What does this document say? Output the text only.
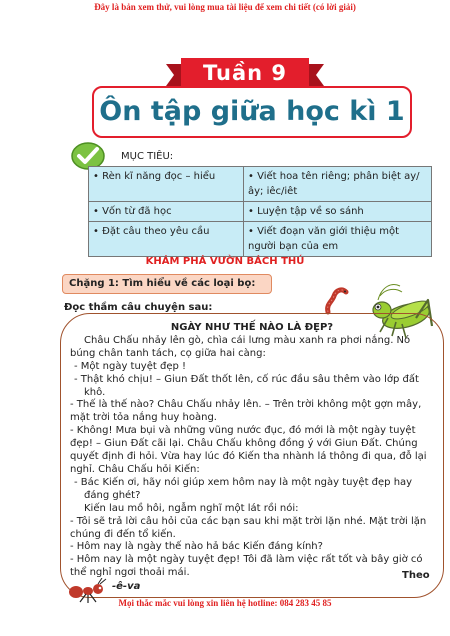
Đây là bản xem thử, vui lòng mua tài liệu để xem chi tiết (có lời giải)
Tuần 9
Ôn tập giữa học kì 1
MỤC TIÊU:
• Rèn kĩ năng đọc – hiểu	• Viết hoa tên riêng; phân biệt ay/ây; iêc/iêt
• Vốn từ đã học	• Luyện tập về so sánh
• Đặt câu theo yêu cầu	• Viết đoạn văn giới thiệu một người bạn của em
KHÁM PHÁ VƯỜN BÁCH THÚ
Chặng 1: Tìm hiểu về các loại bọ:
Đọc thầm câu chuyện sau:

NGÀY NHƯ THẾ NÀO LÀ ĐẸP?

Châu Chấu nhảy lên gò, chìa cái lưng màu xanh ra phơi nắng. Nó búng chân tanh tách, cọ giữa hai càng:

- Một ngày tuyệt đẹp !

- Thật khó chịu! – Giun Đất thốt lên, cố rúc đầu sâu thêm vào lớp đất khô.

- Thế là thế nào? Châu Chấu nhảy lên. – Trên trời không một gợn mây, mặt trời tỏa nắng huy hoàng.

- Không! Mưa bụi và những vũng nước đục, đó mới là một ngày tuyệt đẹp! – Giun Đất cãi lại. Châu Chấu không đồng ý với Giun Đất. Chúng quyết định đi hỏi. Vừa hay lúc đó Kiến tha nhành lá thông đi qua, đỗ lại nghỉ. Châu Chấu hỏi Kiến:

- Bác Kiến ơi, hãy nói giúp xem hôm nay là một ngày tuyệt đẹp hay đáng ghét?

Kiến lau mồ hôi, ngẫm nghĩ một lát rồi nói:

- Tôi sẽ trả lời câu hỏi của các bạn sau khi mặt trời lặn nhé. Mặt trời lặn chúng đi đến tổ kiến.

- Hôm nay là ngày thế nào hả bác Kiến đáng kính?

- Hôm nay là một ngày tuyệt đẹp! Tôi đã làm việc rất tốt và bây giờ có thể nghỉ ngơi thoải mái.	Theo
-ê-va
Mọi thắc mắc vui lòng xin liên hệ hotline: 084 283 45 85
